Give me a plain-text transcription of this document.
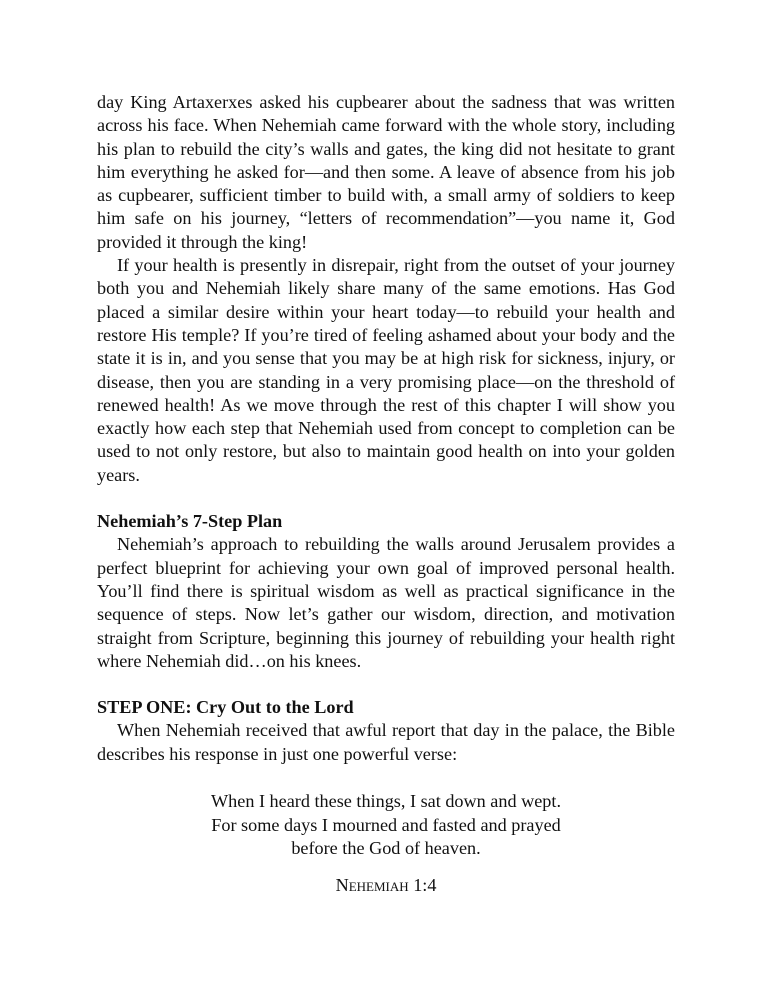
day King Artaxerxes asked his cupbearer about the sadness that was written across his face. When Nehemiah came forward with the whole story, including his plan to rebuild the city’s walls and gates, the king did not hesitate to grant him everything he asked for—and then some. A leave of absence from his job as cupbearer, sufficient timber to build with, a small army of soldiers to keep him safe on his journey, “letters of recommendation”—you name it, God provided it through the king!

If your health is presently in disrepair, right from the outset of your journey both you and Nehemiah likely share many of the same emotions. Has God placed a similar desire within your heart today—to rebuild your health and restore His temple? If you’re tired of feeling ashamed about your body and the state it is in, and you sense that you may be at high risk for sickness, injury, or disease, then you are standing in a very promising place—on the threshold of renewed health! As we move through the rest of this chapter I will show you exactly how each step that Nehemiah used from concept to completion can be used to not only restore, but also to maintain good health on into your golden years.

Nehemiah’s 7-Step Plan

Nehemiah’s approach to rebuilding the walls around Jerusalem provides a perfect blueprint for achieving your own goal of improved personal health. You’ll find there is spiritual wisdom as well as practical significance in the sequence of steps. Now let’s gather our wisdom, direction, and motivation straight from Scripture, beginning this journey of rebuilding your health right where Nehemiah did…on his knees.

STEP ONE: Cry Out to the Lord

When Nehemiah received that awful report that day in the palace, the Bible describes his response in just one powerful verse:

When I heard these things, I sat down and wept.
For some days I mourned and fasted and prayed
before the God of heaven.
Nehemiah 1:4
